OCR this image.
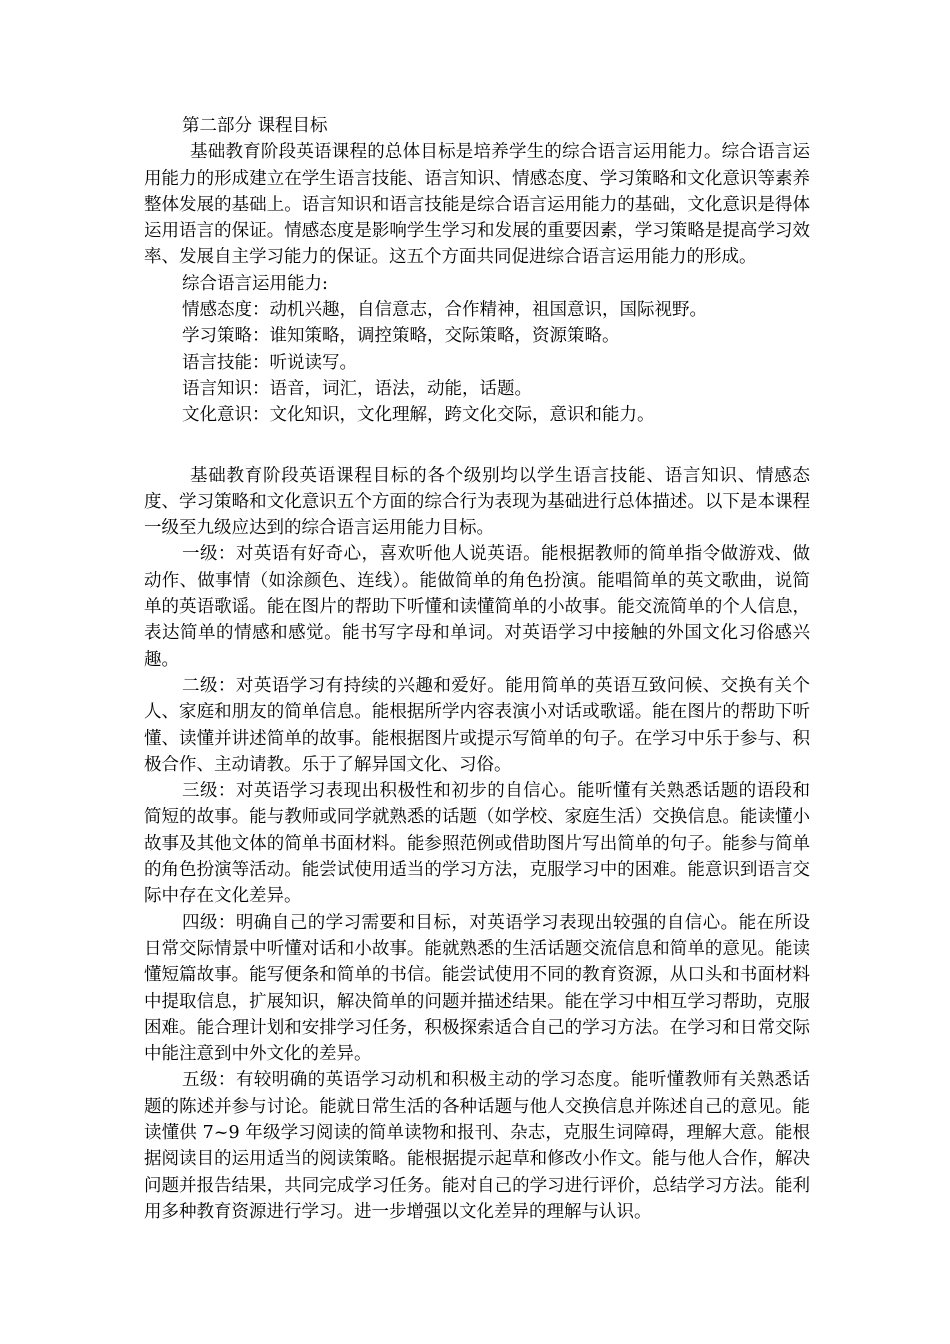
第二部分 课程目标

基础教育阶段英语课程的总体目标是培养学生的综合语言运用能力。综合语言运用能力的形成建立在学生语言技能、语言知识、情感态度、学习策略和文化意识等素养整体发展的基础上。语言知识和语言技能是综合语言运用能力的基础，文化意识是得体运用语言的保证。情感态度是影响学生学习和发展的重要因素，学习策略是提高学习效率、发展自主学习能力的保证。这五个方面共同促进综合语言运用能力的形成。

综合语言运用能力:
情感态度：动机兴趣，自信意志，合作精神，祖国意识，国际视野。
学习策略：谁知策略，调控策略，交际策略，资源策略。
语言技能：听说读写。
语言知识：语音，词汇，语法，动能，话题。
文化意识：文化知识，文化理解，跨文化交际，意识和能力。

基础教育阶段英语课程目标的各个级别均以学生语言技能、语言知识、情感态度、学习策略和文化意识五个方面的综合行为表现为基础进行总体描述。以下是本课程一级至九级应达到的综合语言运用能力目标。

一级：对英语有好奇心，喜欢听他人说英语。能根据教师的简单指令做游戏、做动作、做事情（如涂颜色、连线）。能做简单的角色扮演。能唱简单的英文歌曲，说简单的英语歌谣。能在图片的帮助下听懂和读懂简单的小故事。能交流简单的个人信息，表达简单的情感和感觉。能书写字母和单词。对英语学习中接触的外国文化习俗感兴趣。

二级：对英语学习有持续的兴趣和爱好。能用简单的英语互致问候、交换有关个人、家庭和朋友的简单信息。能根据所学内容表演小对话或歌谣。能在图片的帮助下听懂、读懂并讲述简单的故事。能根据图片或提示写简单的句子。在学习中乐于参与、积极合作、主动请教。乐于了解异国文化、习俗。

三级：对英语学习表现出积极性和初步的自信心。能听懂有关熟悉话题的语段和简短的故事。能与教师或同学就熟悉的话题（如学校、家庭生活）交换信息。能读懂小故事及其他文体的简单书面材料。能参照范例或借助图片写出简单的句子。能参与简单的角色扮演等活动。能尝试使用适当的学习方法，克服学习中的困难。能意识到语言交际中存在文化差异。

四级：明确自己的学习需要和目标，对英语学习表现出较强的自信心。能在所设日常交际情景中听懂对话和小故事。能就熟悉的生活话题交流信息和简单的意见。能读懂短篇故事。能写便条和简单的书信。能尝试使用不同的教育资源，从口头和书面材料中提取信息，扩展知识，解决简单的问题并描述结果。能在学习中相互学习帮助，克服困难。能合理计划和安排学习任务，积极探索适合自己的学习方法。在学习和日常交际中能注意到中外文化的差异。

五级：有较明确的英语学习动机和积极主动的学习态度。能听懂教师有关熟悉话题的陈述并参与讨论。能就日常生活的各种话题与他人交换信息并陈述自己的意见。能读懂供 7~9 年级学习阅读的简单读物和报刊、杂志，克服生词障碍，理解大意。能根据阅读目的运用适当的阅读策略。能根据提示起草和修改小作文。能与他人合作，解决问题并报告结果，共同完成学习任务。能对自己的学习进行评价，总结学习方法。能利用多种教育资源进行学习。进一步增强以文化差异的理解与认识。
